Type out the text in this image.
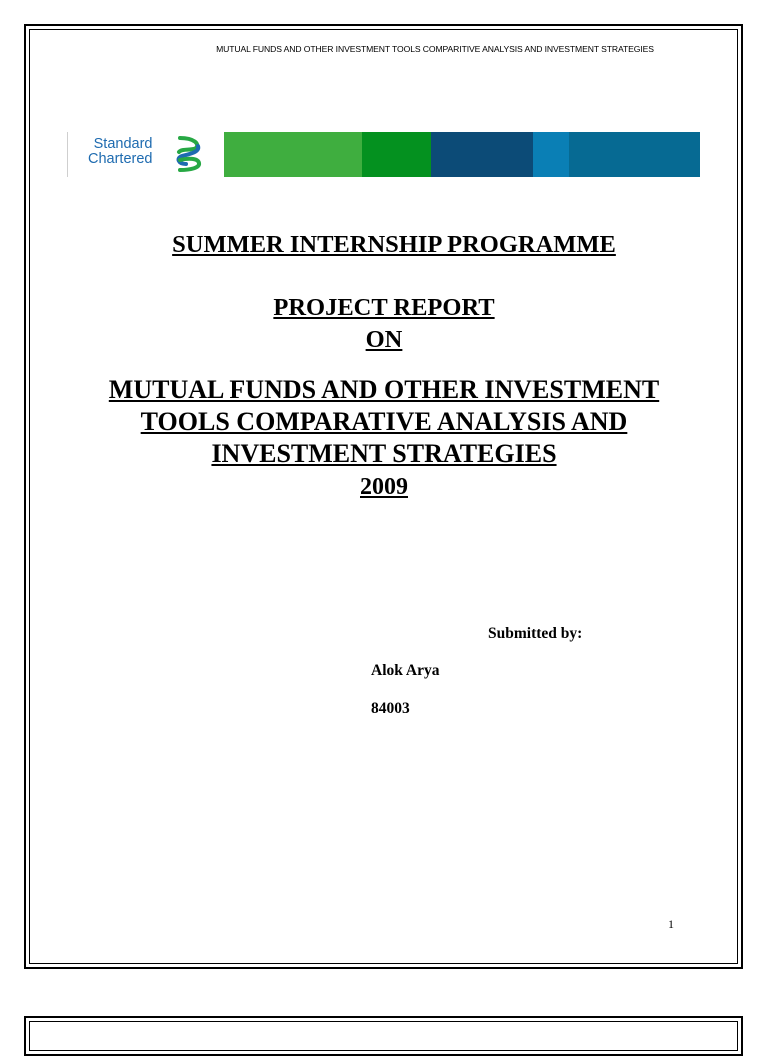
MUTUAL FUNDS AND OTHER INVESTMENT TOOLS COMPARITIVE ANALYSIS AND INVESTMENT STRATEGIES
Standard
Chartered
SUMMER INTERNSHIP PROGRAMME
PROJECT REPORT
ON
MUTUAL FUNDS AND OTHER INVESTMENT
TOOLS COMPARATIVE ANALYSIS AND
INVESTMENT STRATEGIES
2009
Submitted by:
Alok Arya
84003
1
